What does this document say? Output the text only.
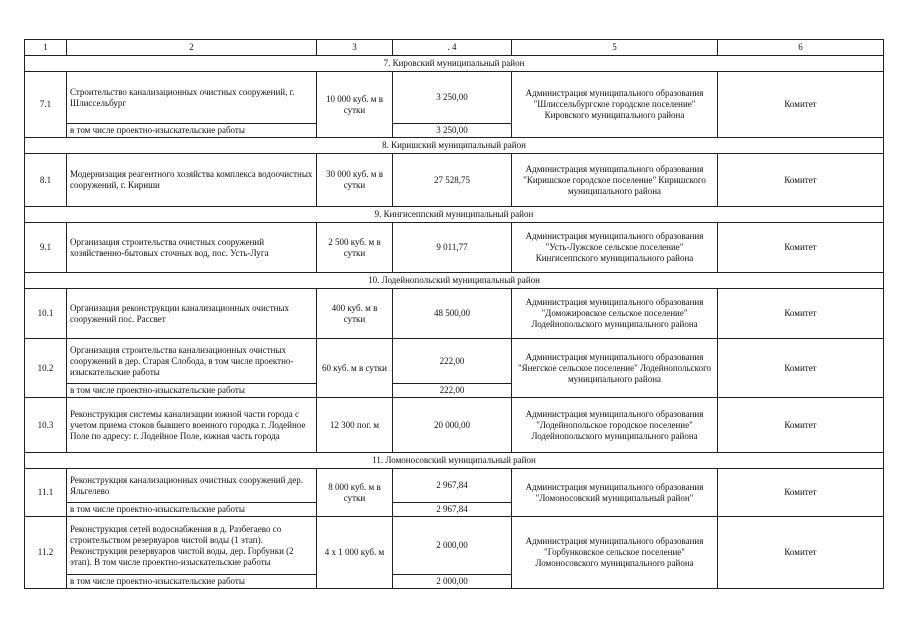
1	2	3	. 4	5	6
7. Кировский муниципальный район					
7.1	Строительство канализационных очистных сооружений, г. Шлиссельбург	10 000 куб. м в сутки	3 250,00	Администрация муниципального образования "Шлиссельбургское городское поселение" Кировского муниципального района	Комитет
	в том числе проектно-изыскательские работы		3 250,00		
8. Киришский муниципальный район					
8.1	Модернизация реагентного хозяйства комплекса водоочистных сооружений, г. Кириши	30 000 куб. м в сутки	27 528,75	Администрация муниципального образования "Киришское городское поселение" Киришского муниципального района	Комитет
9. Кингисеппский муниципальный район					
9.1	Организация строительства очистных сооружений хозяйственно-бытовых сточных вод, пос. Усть-Луга	2 500 куб. м в сутки	9 011,77	Администрация муниципального образования "Усть-Лужское сельское поселение" Кингисеппского муниципального района	Комитет
10. Лодейнопольский муниципальный район					
10.1	Организация реконструкции канализационных очистных сооружений пос. Рассвет	400 куб. м в сутки	48 500,00	Администрация муниципального образования "Доможировское сельское поселение" Лодейнопольского муниципального района	Комитет
10.2	Организация строительства канализационных очистных сооружений в дер. Старая Слобода, в том числе проектно-изыскательские работы	60 куб. м в сутки	222,00	Администрация муниципального образования "Янегское сельское поселение" Лодейнопольского муниципального района	Комитет
	в том числе проектно-изыскательские работы		222,00		
10.3	Реконструкция системы канализации южной части города с учетом приема стоков бывшего военного городка г. Лодейное Поле по адресу: г. Лодейное Поле, южная часть города	12 300 пог. м	20 000,00	Администрация муниципального образования "Лодейнопольское городское поселение" Лодейнопольского муниципального района	Комитет
11. Ломоносовский муниципальный район					
11.1	Реконструкция канализационных очистных сооружений дер. Яльгелево	8 000 куб. м в сутки	2 967,84	Администрация муниципального образования "Ломоносовский муниципальный район"	Комитет
	в том числе проектно-изыскательские работы		2 967,84		
11.2	Реконструкция сетей водоснабжения в д. Разбегаево со строительством резервуаров чистой воды (1 этап). Реконструкция резервуаров чистой воды, дер. Горбунки (2 этап). В том числе проектно-изыскательские работы	4 х 1 000 куб. м	2 000,00	Администрация муниципального образования "Горбунковское сельское поселение" Ломоносовского муниципального района	Комитет
	в том числе проектно-изыскательские работы		2 000,00		
